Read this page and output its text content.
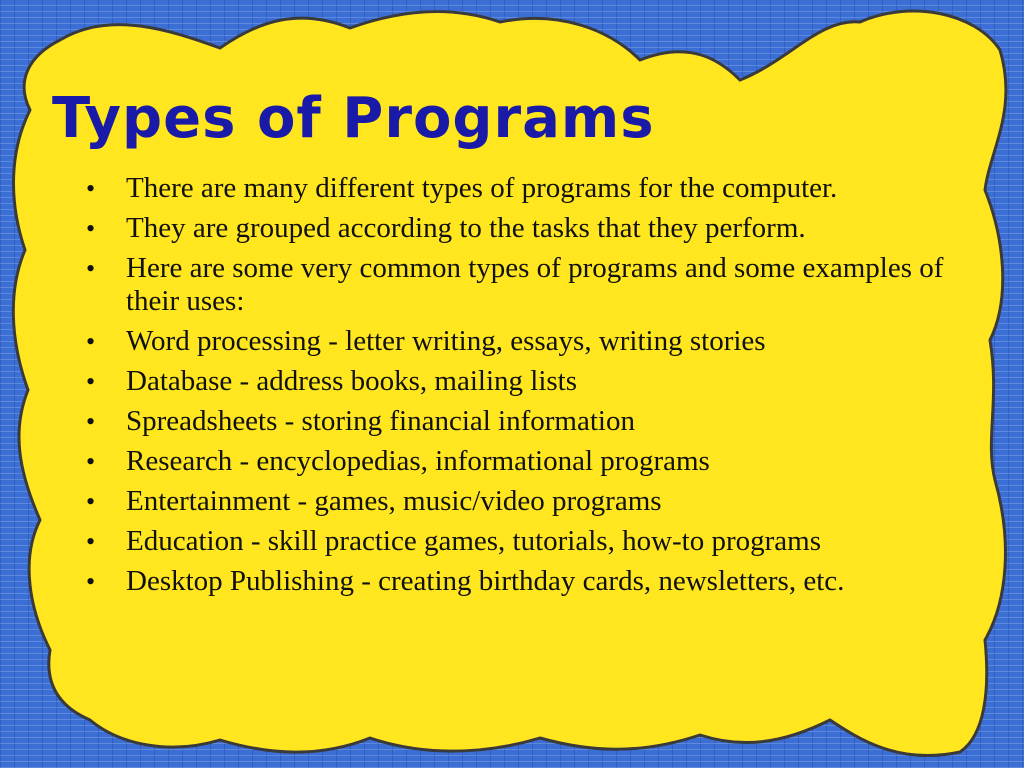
Types of Programs
• There are many different types of programs for the computer.
• They are grouped according to the tasks that they perform.
• Here are some very common types of programs and some examples of their uses:
• Word processing - letter writing, essays, writing stories
• Database - address books, mailing lists
• Spreadsheets - storing financial information
• Research - encyclopedias, informational programs
• Entertainment - games, music/video programs
• Education - skill practice games, tutorials, how-to programs
• Desktop Publishing - creating birthday cards, newsletters, etc.
